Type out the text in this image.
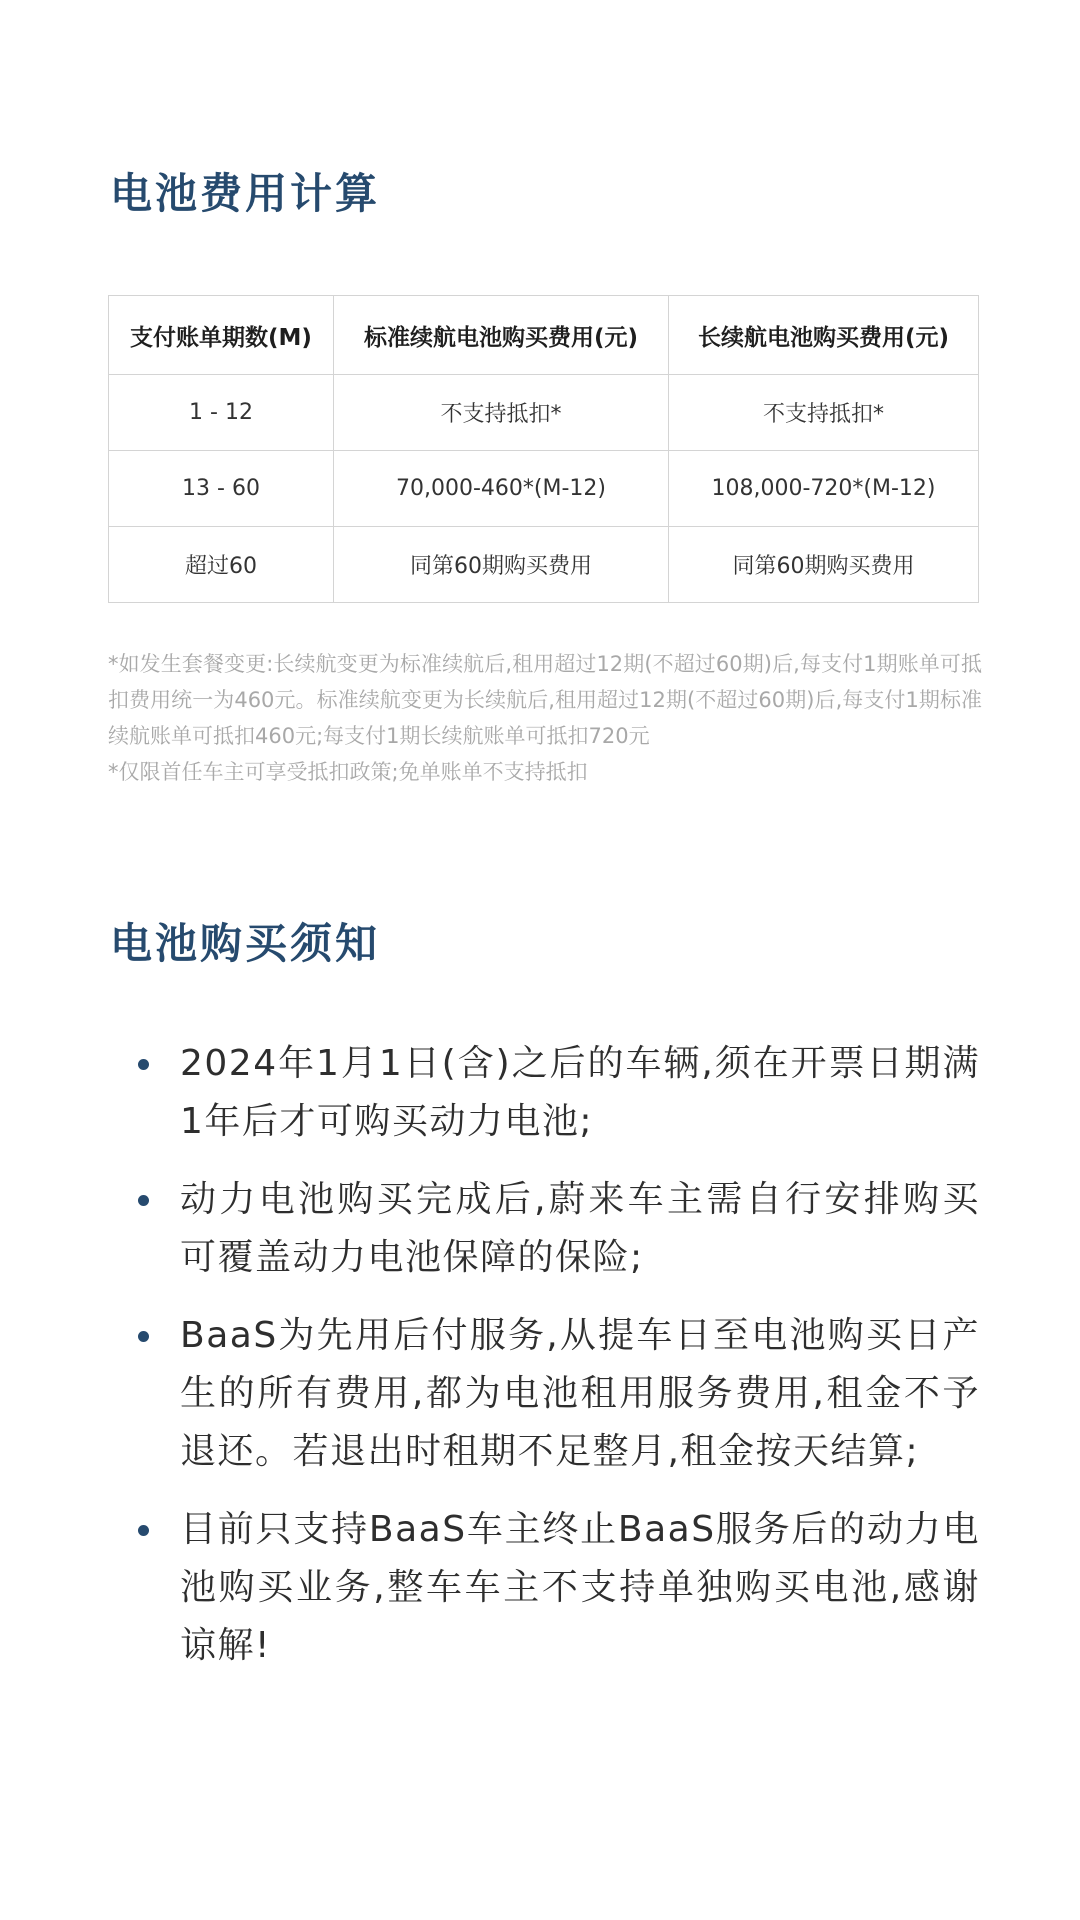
电池费用计算
支付账单期数(M)	标准续航电池购买费用(元)	长续航电池购买费用(元)
1 - 12	不支持抵扣*	不支持抵扣*
13 - 60	70,000-460*(M-12)	108,000-720*(M-12)
超过60	同第60期购买费用	同第60期购买费用

*如发生套餐变更:长续航变更为标准续航后,租用超过12期(不超过60期)后,每支付1期账单可抵扣费用统一为460元。标准续航变更为长续航后,租用超过12期(不超过60期)后,每支付1期标准续航账单可抵扣460元;每支付1期长续航账单可抵扣720元

*仅限首任车主可享受抵扣政策;免单账单不支持抵扣

电池购买须知
2024年1月1日(含)之后的车辆,须在开票日期满1年后才可购买动力电池;
动力电池购买完成后,蔚来车主需自行安排购买可覆盖动力电池保障的保险;
BaaS为先用后付服务,从提车日至电池购买日产生的所有费用,都为电池租用服务费用,租金不予退还。若退出时租期不足整月,租金按天结算;
目前只支持BaaS车主终止BaaS服务后的动力电池购买业务,整车车主不支持单独购买电池,感谢谅解!
